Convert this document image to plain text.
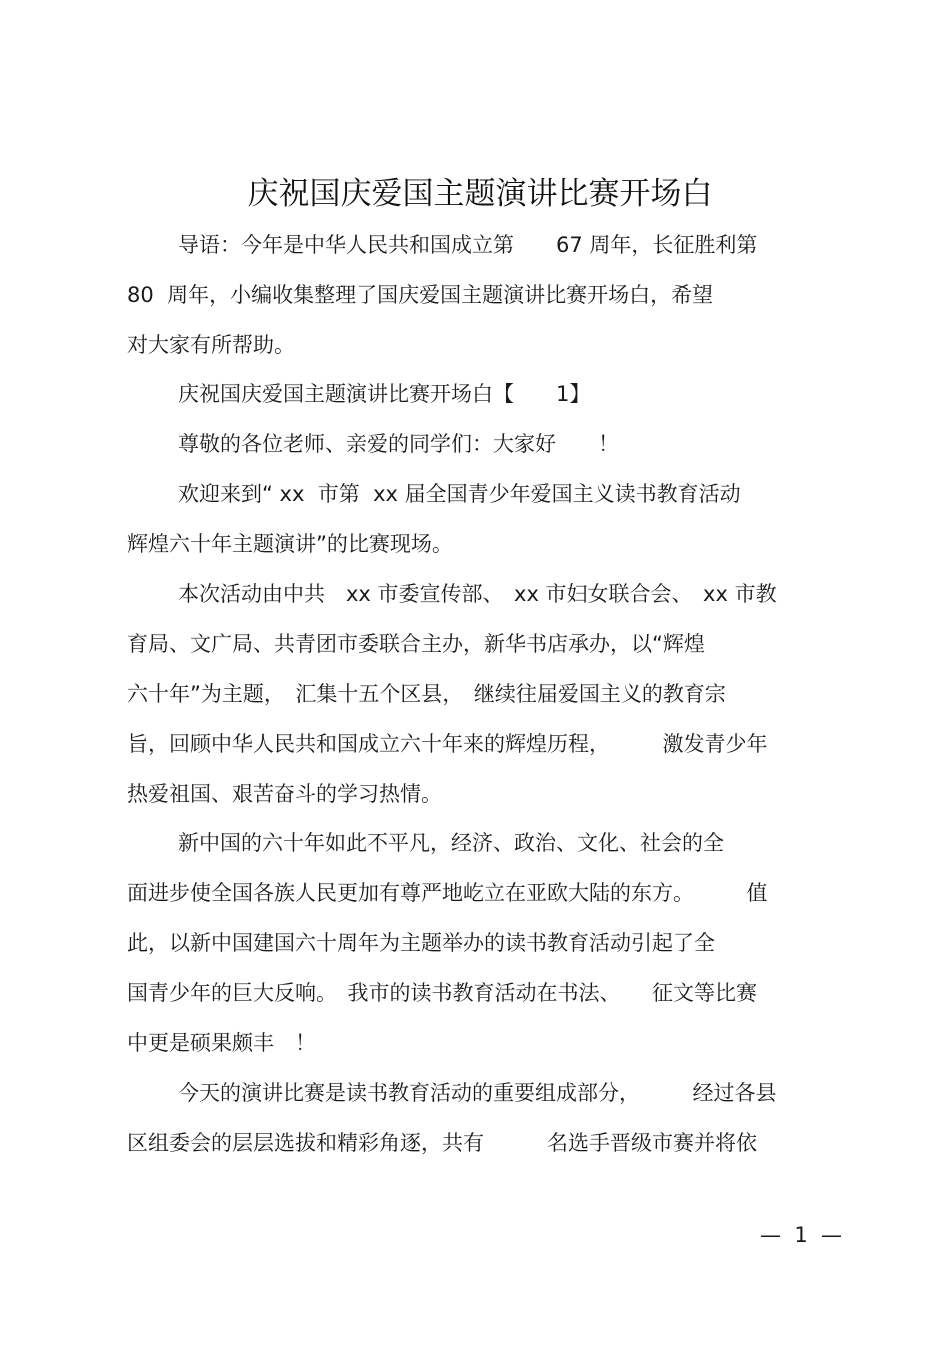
庆祝国庆爱国主题演讲比赛开场白
导语：今年是中华人民共和国成立第　　67 周年，长征胜利第
80  周年，小编收集整理了国庆爱国主题演讲比赛开场白，希望
对大家有所帮助。
庆祝国庆爱国主题演讲比赛开场白【　　1】
尊敬的各位老师、亲爱的同学们：大家好　　！
欢迎来到“ xx  市第  xx 届全国青少年爱国主义读书教育活动
辉煌六十年主题演讲”的比赛现场。
本次活动由中共　xx 市委宣传部、　xx 市妇女联合会、　xx 市教
育局、文广局、共青团市委联合主办，新华书店承办，以“辉煌
六十年”为主题，　汇集十五个区县，　继续往届爱国主义的教育宗
旨，回顾中华人民共和国成立六十年来的辉煌历程，　　　激发青少年
热爱祖国、艰苦奋斗的学习热情。
新中国的六十年如此不平凡，经济、政治、文化、社会的全
面进步使全国各族人民更加有尊严地屹立在亚欧大陆的东方。　　　值
此，以新中国建国六十周年为主题举办的读书教育活动引起了全
国青少年的巨大反响。　我市的读书教育活动在书法、　　征文等比赛
中更是硕果颇丰　！
今天的演讲比赛是读书教育活动的重要组成部分，　　　经过各县
区组委会的层层选拔和精彩角逐，共有　　　名选手晋级市赛并将依
—  1  —
